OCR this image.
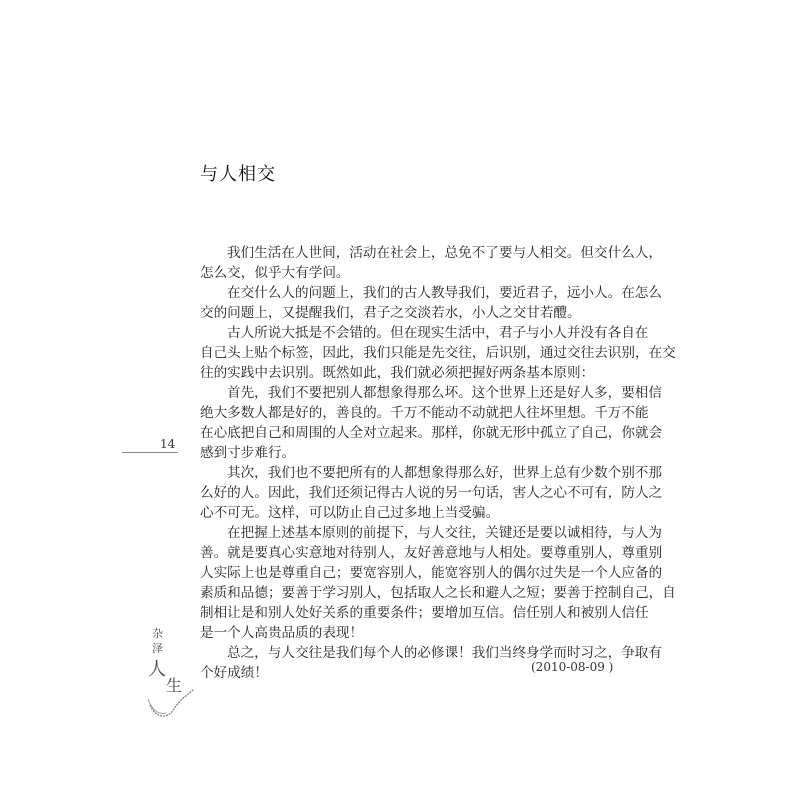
与人相交
我们生活在人世间，活动在社会上，总免不了要与人相交。但交什么人，
怎么交，似乎大有学问。
在交什么人的问题上，我们的古人教导我们，要近君子，远小人。在怎么
交的问题上，又提醒我们，君子之交淡若水，小人之交甘若醴。
古人所说大抵是不会错的。但在现实生活中，君子与小人并没有各自在
自己头上贴个标签，因此，我们只能是先交往，后识别，通过交往去识别，在交
往的实践中去识别。既然如此，我们就必须把握好两条基本原则：
首先，我们不要把别人都想象得那么坏。这个世界上还是好人多，要相信
绝大多数人都是好的，善良的。千万不能动不动就把人往坏里想。千万不能
在心底把自己和周围的人全对立起来。那样，你就无形中孤立了自己，你就会
感到寸步难行。
其次，我们也不要把所有的人都想象得那么好，世界上总有少数个别不那
么好的人。因此，我们还须记得古人说的另一句话，害人之心不可有，防人之
心不可无。这样，可以防止自己过多地上当受骗。
在把握上述基本原则的前提下，与人交往，关键还是要以诚相待，与人为
善。就是要真心实意地对待别人，友好善意地与人相处。要尊重别人，尊重别
人实际上也是尊重自己；要宽容别人，能宽容别人的偶尔过失是一个人应备的
素质和品德；要善于学习别人，包括取人之长和避人之短；要善于控制自己，自
制相让是和别人处好关系的重要条件；要增加互信。信任别人和被别人信任
是一个人高贵品质的表现！
总之，与人交往是我们每个人的必修课！我们当终身学而时习之，争取有
个好成绩！
14
(2010-08-09 )
杂
泽
人
生
